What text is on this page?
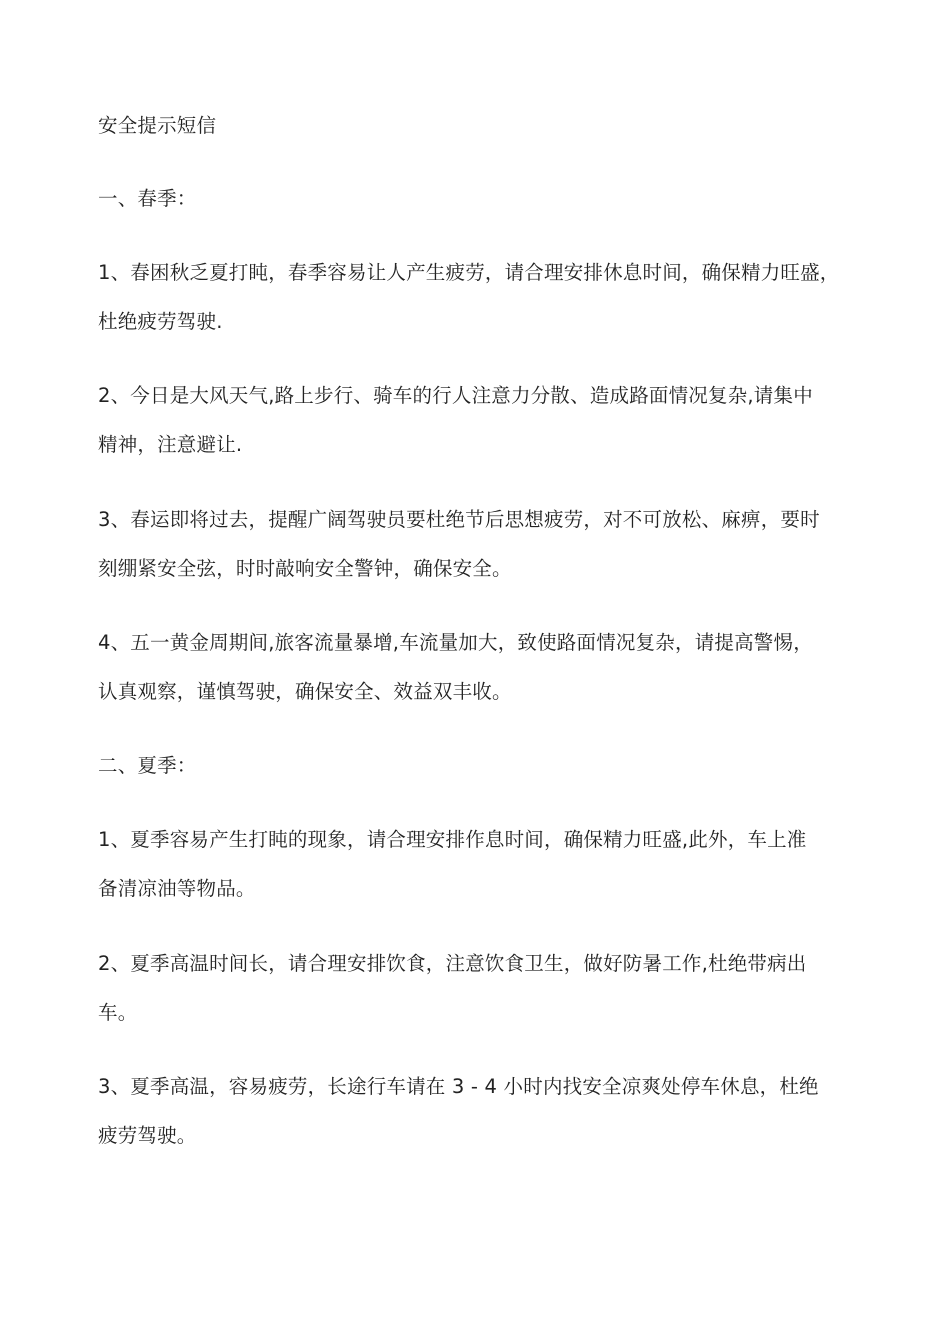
安全提示短信
一、春季：
1、春困秋乏夏打盹，春季容易让人产生疲劳，请合理安排休息时间，确保精力旺盛，
杜绝疲劳驾驶.
2、今日是大风天气,路上步行、骑车的行人注意力分散、造成路面情况复杂,请集中
精神，注意避让.
3、春运即将过去，提醒广阔驾驶员要杜绝节后思想疲劳，对不可放松、麻痹，要时
刻绷紧安全弦，时时敲响安全警钟，确保安全。
4、五一黄金周期间,旅客流量暴增,车流量加大，致使路面情况复杂，请提高警惕，
认真观察，谨慎驾驶，确保安全、效益双丰收。
二、夏季：
1、夏季容易产生打盹的现象，请合理安排作息时间，确保精力旺盛,此外，车上准
备清凉油等物品。
2、夏季高温时间长，请合理安排饮食，注意饮食卫生，做好防暑工作,杜绝带病出
车。
3、夏季高温，容易疲劳，长途行车请在 3 - 4 小时内找安全凉爽处停车休息，杜绝
疲劳驾驶。
